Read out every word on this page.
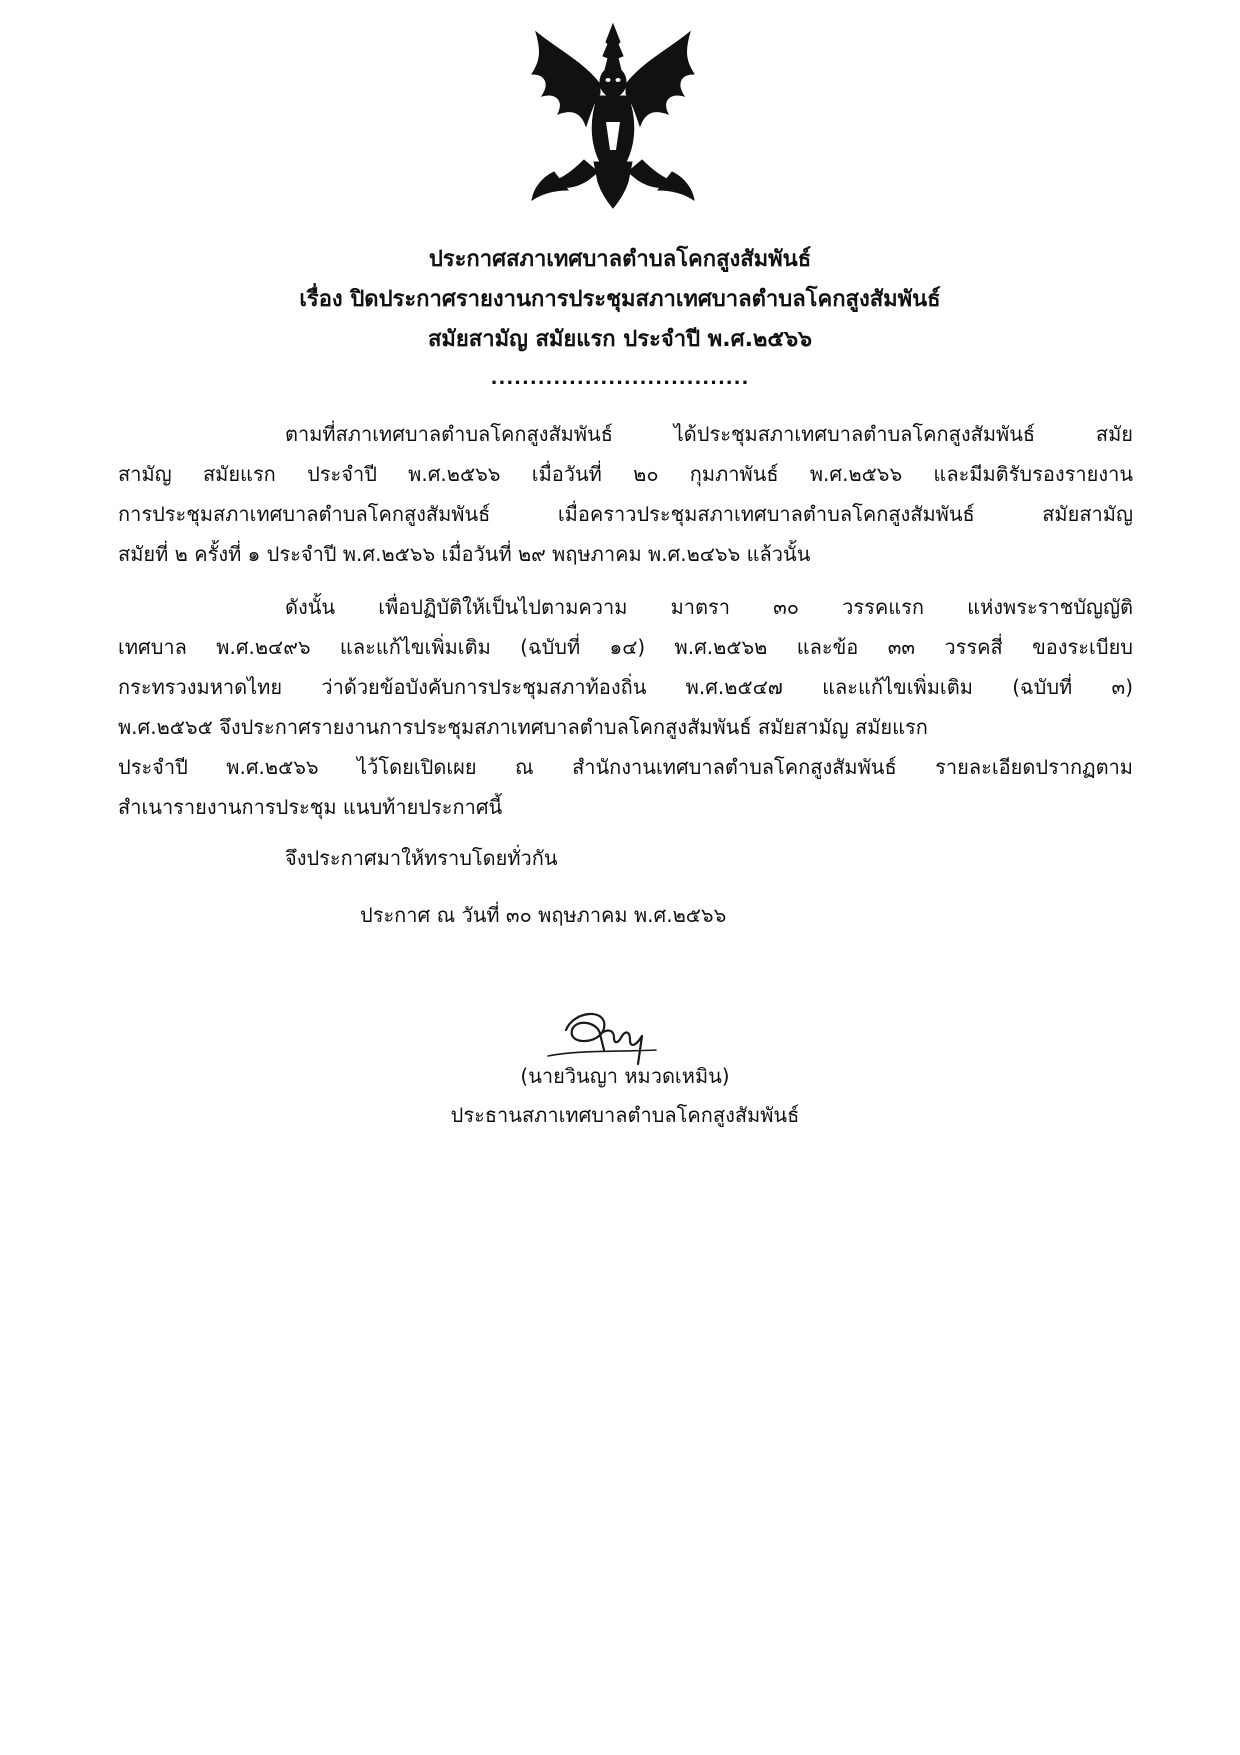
ประกาศสภาเทศบาลตำบลโคกสูงสัมพันธ์
เรื่อง ปิดประกาศรายงานการประชุมสภาเทศบาลตำบลโคกสูงสัมพันธ์
สมัยสามัญ สมัยแรก ประจำปี พ.ศ.๒๕๖๖
.................................
ตามที่สภาเทศบาลตำบลโคกสูงสัมพันธ์ ได้ประชุมสภาเทศบาลตำบลโคกสูงสัมพันธ์ สมัย
สามัญ สมัยแรก ประจำปี พ.ศ.๒๕๖๖ เมื่อวันที่ ๒๐ กุมภาพันธ์ พ.ศ.๒๕๖๖ และมีมติรับรองรายงาน
การประชุมสภาเทศบาลตำบลโคกสูงสัมพันธ์ เมื่อคราวประชุมสภาเทศบาลตำบลโคกสูงสัมพันธ์ สมัยสามัญ
สมัยที่ ๒ ครั้งที่ ๑ ประจำปี พ.ศ.๒๕๖๖ เมื่อวันที่ ๒๙ พฤษภาคม พ.ศ.๒๔๖๖ แล้วนั้น
ดังนั้น เพื่อปฏิบัติให้เป็นไปตามความ มาตรา ๓๐ วรรคแรก แห่งพระราชบัญญัติ
เทศบาล พ.ศ.๒๔๙๖ และแก้ไขเพิ่มเติม (ฉบับที่ ๑๔) พ.ศ.๒๕๖๒ และข้อ ๓๓ วรรคสี่ ของระเบียบ
กระทรวงมหาดไทย ว่าด้วยข้อบังคับการประชุมสภาท้องถิ่น พ.ศ.๒๕๔๗ และแก้ไขเพิ่มเติม (ฉบับที่ ๓)
พ.ศ.๒๕๖๕ จึงประกาศรายงานการประชุมสภาเทศบาลตำบลโคกสูงสัมพันธ์ สมัยสามัญ สมัยแรก
ประจำปี พ.ศ.๒๕๖๖ ไว้โดยเปิดเผย ณ สำนักงานเทศบาลตำบลโคกสูงสัมพันธ์ รายละเอียดปรากฏตาม
สำเนารายงานการประชุม แนบท้ายประกาศนี้
จึงประกาศมาให้ทราบโดยทั่วกัน
ประกาศ ณ วันที่ ๓๐ พฤษภาคม พ.ศ.๒๕๖๖
(นายวินญา หมวดเหมิน)
ประธานสภาเทศบาลตำบลโคกสูงสัมพันธ์
